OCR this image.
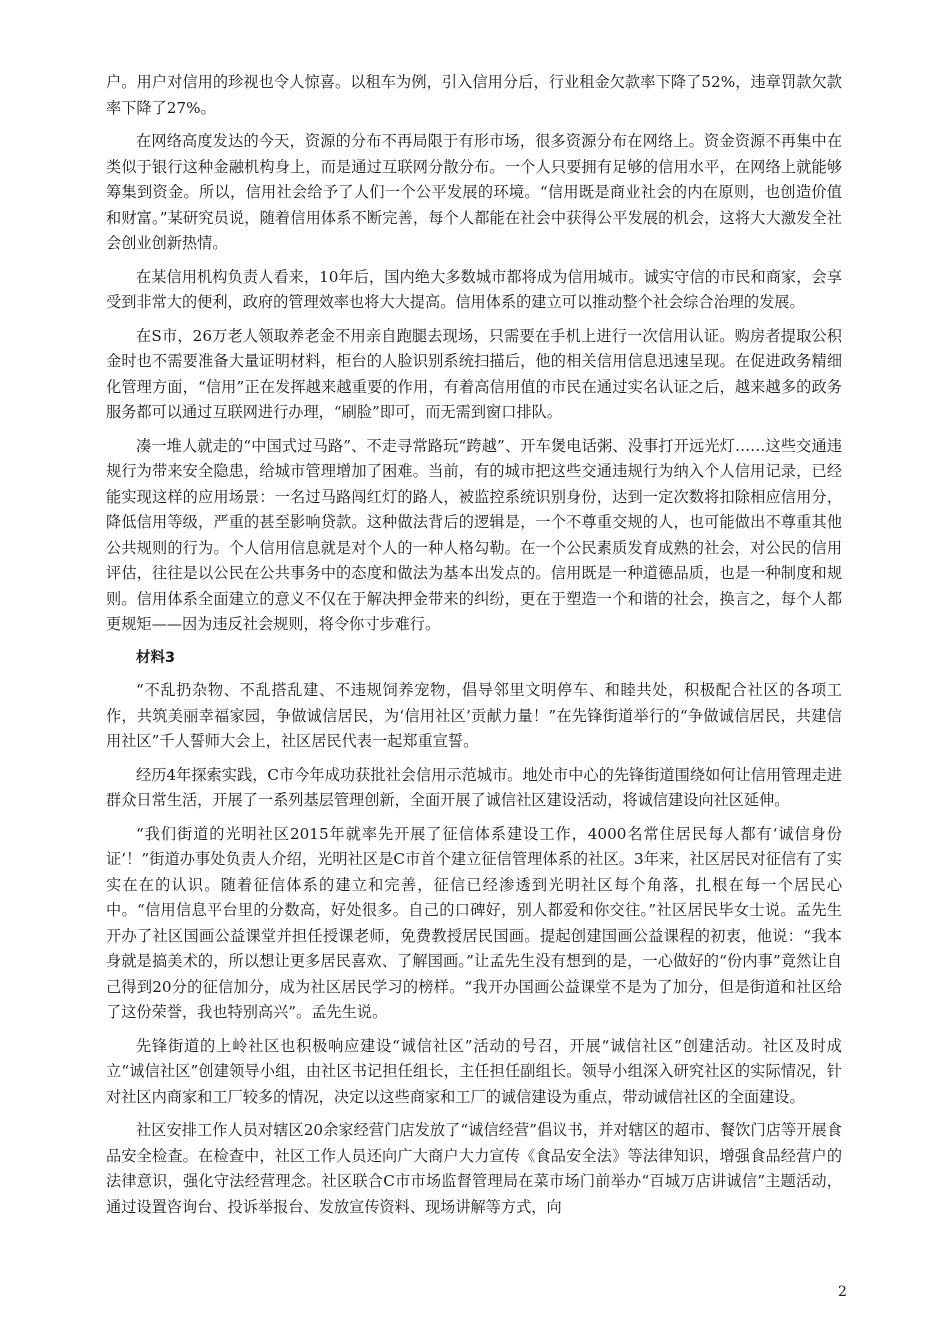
户。用户对信用的珍视也令人惊喜。以租车为例，引入信用分后，行业租金欠款率下降了52%，违章罚款欠款率下降了27%。

在网络高度发达的今天，资源的分布不再局限于有形市场，很多资源分布在网络上。资金资源不再集中在类似于银行这种金融机构身上，而是通过互联网分散分布。一个人只要拥有足够的信用水平，在网络上就能够筹集到资金。所以，信用社会给予了人们一个公平发展的环境。“信用既是商业社会的内在原则，也创造价值和财富。”某研究员说，随着信用体系不断完善，每个人都能在社会中获得公平发展的机会，这将大大激发全社会创业创新热情。

在某信用机构负责人看来，10年后，国内绝大多数城市都将成为信用城市。诚实守信的市民和商家，会享受到非常大的便利，政府的管理效率也将大大提高。信用体系的建立可以推动整个社会综合治理的发展。

在S市，26万老人领取养老金不用亲自跑腿去现场，只需要在手机上进行一次信用认证。购房者提取公积金时也不需要准备大量证明材料，柜台的人脸识别系统扫描后，他的相关信用信息迅速呈现。在促进政务精细化管理方面，“信用”正在发挥越来越重要的作用，有着高信用值的市民在通过实名认证之后，越来越多的政务服务都可以通过互联网进行办理，“刷脸”即可，而无需到窗口排队。

凑一堆人就走的“中国式过马路”、不走寻常路玩“跨越”、开车煲电话粥、没事打开远光灯……这些交通违规行为带来安全隐患，给城市管理增加了困难。当前，有的城市把这些交通违规行为纳入个人信用记录，已经能实现这样的应用场景：一名过马路闯红灯的路人，被监控系统识别身份，达到一定次数将扣除相应信用分，降低信用等级，严重的甚至影响贷款。这种做法背后的逻辑是，一个不尊重交规的人，也可能做出不尊重其他公共规则的行为。个人信用信息就是对个人的一种人格勾勒。在一个公民素质发育成熟的社会，对公民的信用评估，往往是以公民在公共事务中的态度和做法为基本出发点的。信用既是一种道德品质，也是一种制度和规则。信用体系全面建立的意义不仅在于解决押金带来的纠纷，更在于塑造一个和谐的社会，换言之，每个人都更规矩——因为违反社会规则，将令你寸步难行。

材料3

“不乱扔杂物、不乱搭乱建、不违规饲养宠物，倡导邻里文明停车、和睦共处，积极配合社区的各项工作，共筑美丽幸福家园，争做诚信居民，为‘信用社区’贡献力量！”在先锋街道举行的“争做诚信居民，共建信用社区”千人誓师大会上，社区居民代表一起郑重宣誓。

经历4年探索实践，C市今年成功获批社会信用示范城市。地处市中心的先锋街道围绕如何让信用管理走进群众日常生活，开展了一系列基层管理创新，全面开展了诚信社区建设活动，将诚信建设向社区延伸。

“我们街道的光明社区2015年就率先开展了征信体系建设工作，4000名常住居民每人都有‘诚信身份证’！”街道办事处负责人介绍，光明社区是C市首个建立征信管理体系的社区。3年来，社区居民对征信有了实实在在的认识。随着征信体系的建立和完善，征信已经渗透到光明社区每个角落，扎根在每一个居民心中。“信用信息平台里的分数高，好处很多。自己的口碑好，别人都爱和你交往。”社区居民毕女士说。孟先生开办了社区国画公益课堂并担任授课老师，免费教授居民国画。提起创建国画公益课程的初衷，他说：“我本身就是搞美术的，所以想让更多居民喜欢、了解国画。”让孟先生没有想到的是，一心做好的“份内事”竟然让自己得到20分的征信加分，成为社区居民学习的榜样。“我开办国画公益课堂不是为了加分，但是街道和社区给了这份荣誉，我也特别高兴”。孟先生说。

先锋街道的上岭社区也积极响应建设“诚信社区”活动的号召，开展“诚信社区”创建活动。社区及时成立“诚信社区”创建领导小组，由社区书记担任组长，主任担任副组长。领导小组深入研究社区的实际情况，针对社区内商家和工厂较多的情况，决定以这些商家和工厂的诚信建设为重点，带动诚信社区的全面建设。

社区安排工作人员对辖区20余家经营门店发放了“诚信经营”倡议书，并对辖区的超市、餐饮门店等开展食品安全检查。在检查中，社区工作人员还向广大商户大力宣传《食品安全法》等法律知识，增强食品经营户的法律意识，强化守法经营理念。社区联合C市市场监督管理局在菜市场门前举办“百城万店讲诚信”主题活动，通过设置咨询台、投诉举报台、发放宣传资料、现场讲解等方式，向

2
